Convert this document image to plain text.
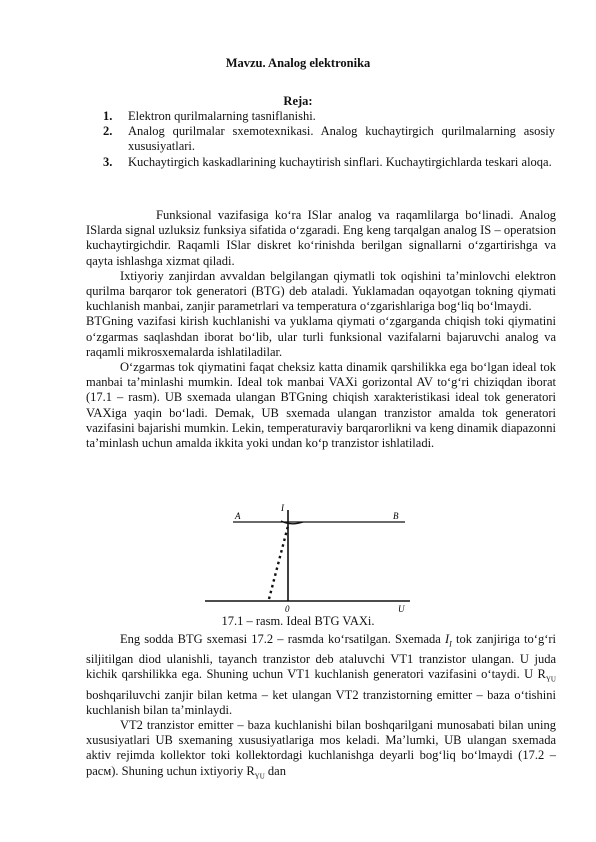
Mavzu. Analog elektronika
Reja:
1. Elektron qurilmalarning tasniflanishi.
2. Analog qurilmalar sxemotexnikasi. Analog kuchaytirgich qurilmalarning asosiy xususiyatlari.
3. Kuchaytirgich kaskadlarining kuchaytirish sinflari. Kuchaytirgichlarda teskari aloqa.

Funksional vazifasiga ko‘ra ISlar analog va raqamlilarga bo‘linadi. Analog ISlarda signal uzluksiz funksiya sifatida o‘zgaradi. Eng keng tarqalgan analog IS – operatsion kuchaytirgichdir. Raqamli ISlar diskret ko‘rinishda berilgan signallarni o‘zgartirishga va qayta ishlashga xizmat qiladi.

Ixtiyoriy zanjirdan avvaldan belgilangan qiymatli tok oqishini ta’minlovchi elektron qurilma barqaror tok generatori (BTG) deb ataladi. Yuklamadan oqayotgan tokning qiymati kuchlanish manbai, zanjir parametrlari va temperatura o‘zgarishlariga bog‘liq bo‘lmaydi.

BTGning vazifasi kirish kuchlanishi va yuklama qiymati o‘zgarganda chiqish toki qiymatini o‘zgarmas saqlashdan iborat bo‘lib, ular turli funksional vazifalarni bajaruvchi analog va raqamli mikrosxemalarda ishlatiladilar.

O‘zgarmas tok qiymatini faqat cheksiz katta dinamik qarshilikka ega bo‘lgan ideal tok manbai ta’minlashi mumkin. Ideal tok manbai VAXi gorizontal AV to‘g‘ri chiziqdan iborat (17.1 – rasm). UB sxemada ulangan BTGning chiqish xarakteristikasi ideal tok generatori VAXiga yaqin bo‘ladi. Demak, UB sxemada ulangan tranzistor amalda tok generatori vazifasini bajarishi mumkin. Lekin, temperaturaviy barqarorlikni va keng dinamik diapazonni ta’minlash uchun amalda ikkita yoki undan ko‘p tranzistor ishlatiladi.

I
A	B
0	U
17.1 – rasm. Ideal BTG VAXi.

Eng sodda BTG sxemasi 17.2 – rasmda ko‘rsatilgan. Sxemada $I_I$ tok zanjiriga to‘g‘ri siljitilgan diod ulanishli, tayanch tranzistor deb ataluvchi VT1 tranzistor ulangan. U juda kichik qarshilikka ega. Shuning uchun VT1 kuchlanish generatori vazifasini o‘taydi. U $R_{YU}$ boshqariluvchi zanjir bilan ketma – ket ulangan VT2 tranzistorning emitter – baza o‘tishini kuchlanish bilan ta’minlaydi.

VT2 tranzistor emitter – baza kuchlanishi bilan boshqarilgani munosabati bilan uning xususiyatlari UB sxemaning xususiyatlariga mos keladi. Ma’lumki, UB ulangan sxemada aktiv rejimda kollektor toki kollektordagi kuchlanishga deyarli bog‘liq bo‘lmaydi (17.2 – расм). Shuning uchun ixtiyoriy $R_{YU}$ dan
